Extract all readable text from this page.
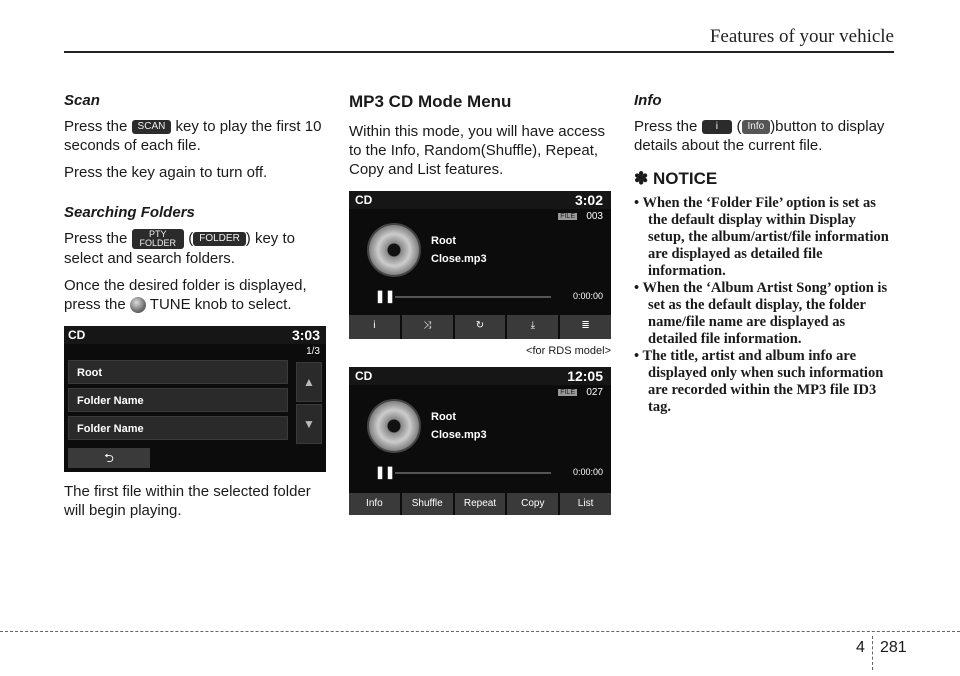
Features of your vehicle
Scan

Press the SCAN key to play the first 10 seconds of each file.

Press the key again to turn off.

Searching Folders

Press the PTY
FOLDER ( FOLDER ) key to select and search folders.

Once the desired folder is displayed, press the TUNE knob to select.

CD	3:03
1/3
Root
Folder Name
Folder Name
▲
▼
⮌

The first file within the selected folder will begin playing.

MP3 CD Mode Menu

Within this mode, you will have access to the Info, Random(Shuffle), Repeat, Copy and List features.

CD	3:02
FILE 003
Root
Close.mp3
❚❚	0:00:00
ⅰ	⤨	↻	⤓	≣
<for RDS model>
CD	12:05
FILE 027
Root
Close.mp3
❚❚	0:00:00
Info	Shuffle	Repeat	Copy	List
Info

Press the ⅰ ( Info )button to display details about the current file.

✽ NOTICE
• When the ‘Folder File’ option is set as the default display within Display setup, the album/artist/file information are displayed as detailed file information.
• When the ‘Album Artist Song’ option is set as the default display, the folder name/file name are displayed as detailed file information.
• The title, artist and album info are displayed only when such information are recorded within the MP3 file ID3 tag.
4 281
